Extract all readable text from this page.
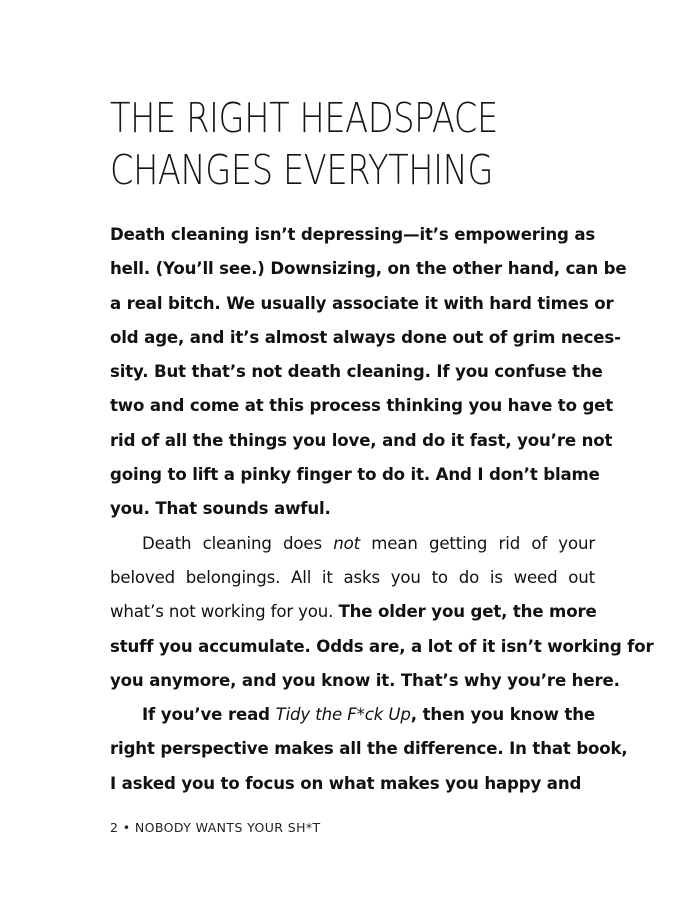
THE RIGHT HEADSPACE
CHANGES EVERYTHING

Death cleaning isn’t depressing—it’s empowering as
hell. (You’ll see.) Downsizing, on the other hand, can be
a real bitch. We usually associate it with hard times or
old age, and it’s almost always done out of grim neces-
sity. But that’s not death cleaning. If you confuse the
two and come at this process thinking you have to get
rid of all the things you love, and do it fast, you’re not
going to lift a pinky finger to do it. And I don’t blame
you. That sounds awful.

Death cleaning does not mean getting rid of your
beloved belongings. All it asks you to do is weed out
what’s not working for you. The older you get, the more
stuff you accumulate. Odds are, a lot of it isn’t working for
you anymore, and you know it. That’s why you’re here.

If you’ve read Tidy the F*ck Up, then you know the
right perspective makes all the difference. In that book,
I asked you to focus on what makes you happy and

2 • NOBODY WANTS YOUR SH*T
